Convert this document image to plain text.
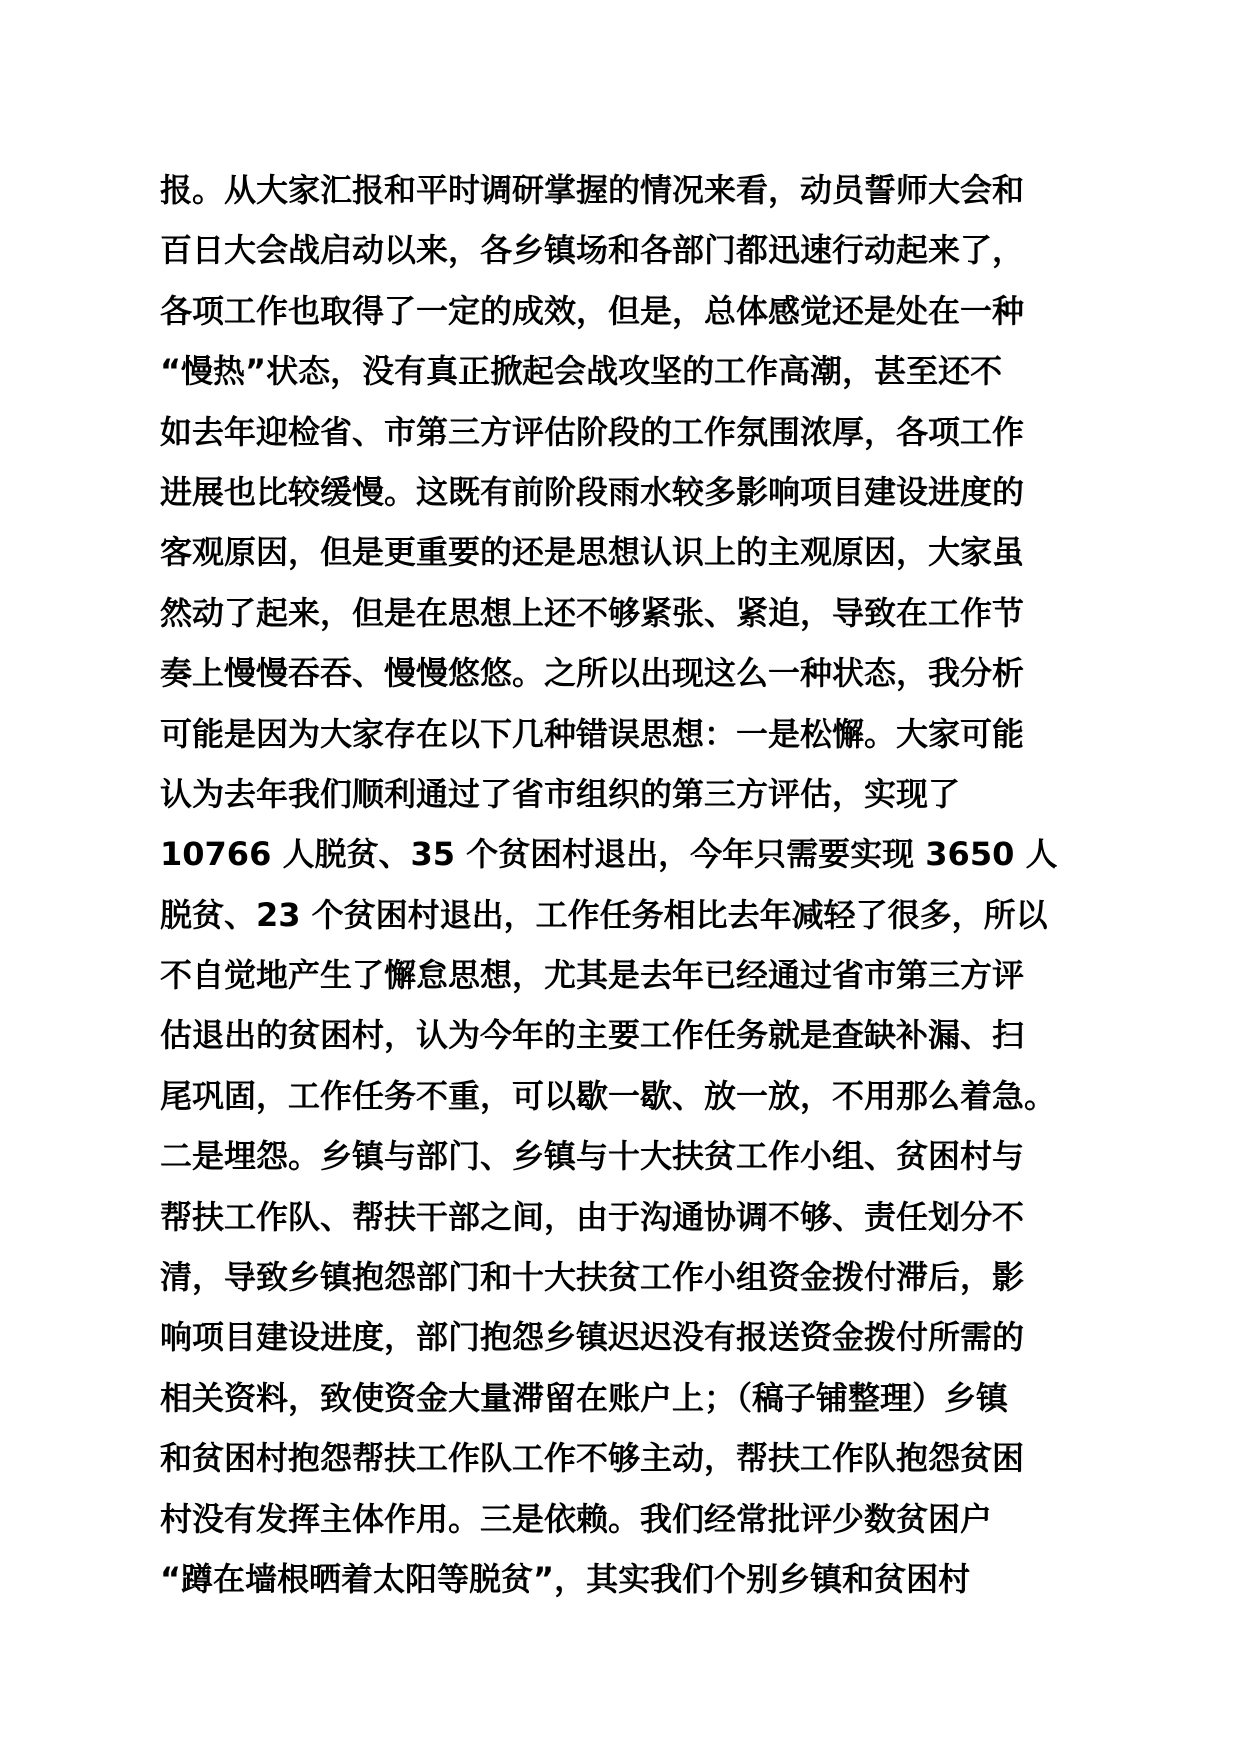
报。从大家汇报和平时调研掌握的情况来看，动员誓师大会和
百日大会战启动以来，各乡镇场和各部门都迅速行动起来了，
各项工作也取得了一定的成效，但是，总体感觉还是处在一种
“慢热”状态，没有真正掀起会战攻坚的工作高潮，甚至还不
如去年迎检省、市第三方评估阶段的工作氛围浓厚，各项工作
进展也比较缓慢。这既有前阶段雨水较多影响项目建设进度的
客观原因，但是更重要的还是思想认识上的主观原因，大家虽
然动了起来，但是在思想上还不够紧张、紧迫，导致在工作节
奏上慢慢吞吞、慢慢悠悠。之所以出现这么一种状态，我分析
可能是因为大家存在以下几种错误思想：一是松懈。大家可能
认为去年我们顺利通过了省市组织的第三方评估，实现了
10766 人脱贫、35 个贫困村退出，今年只需要实现 3650 人
脱贫、23 个贫困村退出，工作任务相比去年减轻了很多，所以
不自觉地产生了懈怠思想，尤其是去年已经通过省市第三方评
估退出的贫困村，认为今年的主要工作任务就是查缺补漏、扫
尾巩固，工作任务不重，可以歇一歇、放一放，不用那么着急。
二是埋怨。乡镇与部门、乡镇与十大扶贫工作小组、贫困村与
帮扶工作队、帮扶干部之间，由于沟通协调不够、责任划分不
清，导致乡镇抱怨部门和十大扶贫工作小组资金拨付滞后，影
响项目建设进度，部门抱怨乡镇迟迟没有报送资金拨付所需的
相关资料，致使资金大量滞留在账户上；（稿子铺整理）乡镇
和贫困村抱怨帮扶工作队工作不够主动，帮扶工作队抱怨贫困
村没有发挥主体作用。三是依赖。我们经常批评少数贫困户
“蹲在墙根晒着太阳等脱贫”，其实我们个别乡镇和贫困村
